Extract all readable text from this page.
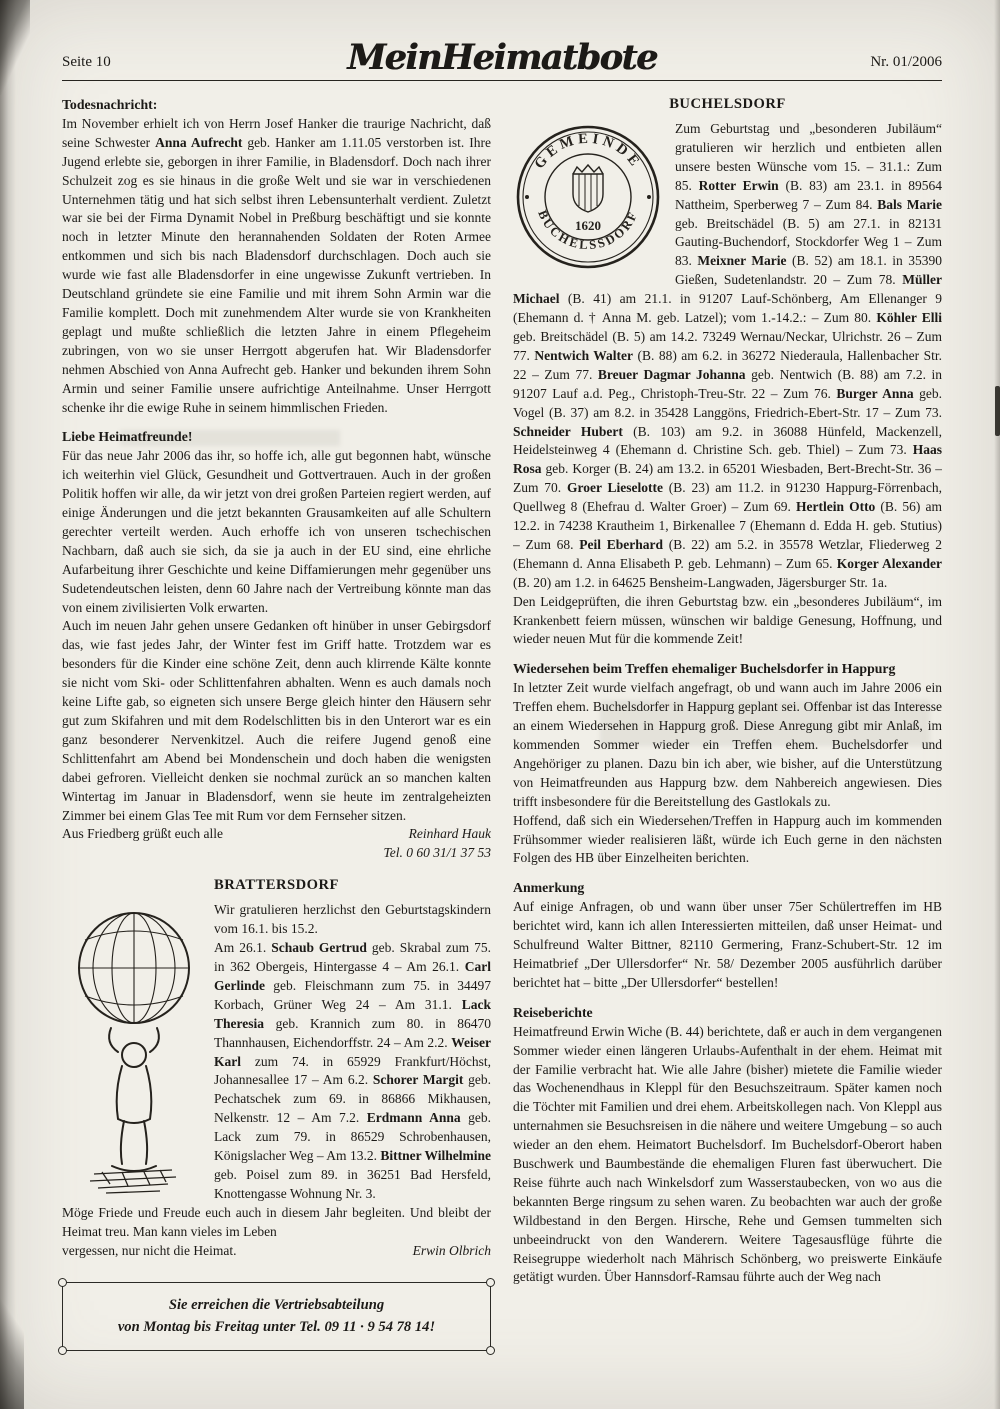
Seite 10	MeinHeimatbote	Nr. 01/2006
Todesnachricht:

Im November erhielt ich von Herrn Josef Hanker die traurige Nachricht, daß seine Schwester Anna Aufrecht geb. Hanker am 1.11.05 verstorben ist. Ihre Jugend erlebte sie, geborgen in ihrer Familie, in Bladensdorf. Doch nach ihrer Schulzeit zog es sie hinaus in die große Welt und sie war in verschiedenen Unternehmen tätig und hat sich selbst ihren Lebensunterhalt verdient. Zuletzt war sie bei der Firma Dynamit Nobel in Preßburg beschäftigt und sie konnte noch in letzter Minute den herannahenden Soldaten der Roten Armee entkommen und sich bis nach Bladensdorf durchschlagen. Doch auch sie wurde wie fast alle Bladensdorfer in eine ungewisse Zukunft vertrieben. In Deutschland gründete sie eine Familie und mit ihrem Sohn Armin war die Familie komplett. Doch mit zunehmendem Alter wurde sie von Krankheiten geplagt und mußte schließlich die letzten Jahre in einem Pflegeheim zubringen, von wo sie unser Herrgott abgerufen hat. Wir Bladensdorfer nehmen Abschied von Anna Aufrecht geb. Hanker und bekunden ihrem Sohn Armin und seiner Familie unsere aufrichtige Anteilnahme. Unser Herrgott schenke ihr die ewige Ruhe in seinem himmlischen Frieden.

Liebe Heimatfreunde!

Für das neue Jahr 2006 das ihr, so hoffe ich, alle gut begonnen habt, wünsche ich weiterhin viel Glück, Gesundheit und Gottvertrauen. Auch in der großen Politik hoffen wir alle, da wir jetzt von drei großen Parteien regiert werden, auf einige Änderungen und die jetzt bekannten Grausamkeiten auf alle Schultern gerechter verteilt werden. Auch erhoffe ich von unseren tschechischen Nachbarn, daß auch sie sich, da sie ja auch in der EU sind, eine ehrliche Aufarbeitung ihrer Geschichte und keine Diffamierungen mehr gegenüber uns Sudetendeutschen leisten, denn 60 Jahre nach der Vertreibung könnte man das von einem zivilisierten Volk erwarten.

Auch im neuen Jahr gehen unsere Gedanken oft hinüber in unser Gebirgsdorf das, wie fast jedes Jahr, der Winter fest im Griff hatte. Trotzdem war es besonders für die Kinder eine schöne Zeit, denn auch klirrende Kälte konnte sie nicht vom Ski- oder Schlittenfahren abhalten. Wenn es auch damals noch keine Lifte gab, so eigneten sich unsere Berge gleich hinter den Häusern sehr gut zum Skifahren und mit dem Rodelschlitten bis in den Unterort war es ein ganz besonderer Nervenkitzel. Auch die reifere Jugend genoß eine Schlittenfahrt am Abend bei Mondenschein und doch haben die wenigsten dabei gefroren. Vielleicht denken sie nochmal zurück an so manchen kalten Wintertag im Januar in Bladensdorf, wenn sie heute im zentralgeheizten Zimmer bei einem Glas Tee mit Rum vor dem Fernseher sitzen.

Aus Friedberg grüßt euch alle	Reinhard Hauk
Tel. 0 60 31/1 37 53
BRATTERSDORF

Wir gratulieren herzlichst den Geburtstagskindern vom 16.1. bis 15.2.

Am 26.1. Schaub Gertrud geb. Skrabal zum 75. in 362 Obergeis, Hintergasse 4 – Am 26.1. Carl Gerlinde geb. Fleischmann zum 75. in 34497 Korbach, Grüner Weg 24 – Am 31.1. Lack Theresia geb. Krannich zum 80. in 86470 Thannhausen, Eichendorffstr. 24 – Am 2.2. Weiser Karl zum 74. in 65929 Frankfurt/Höchst, Johannesallee 17 – Am 6.2. Schorer Margit geb. Pechatschek zum 69. in 86866 Mikhausen, Nelkenstr. 12 – Am 7.2. Erdmann Anna geb. Lack zum 79. in 86529 Schrobenhausen, Königslacher Weg – Am 13.2. Bittner Wilhelmine geb. Poisel zum 89. in 36251 Bad Hersfeld, Knottengasse Wohnung Nr. 3.

Möge Friede und Freude euch auch in diesem Jahr begleiten. Und bleibt der Heimat treu. Man kann vieles im Leben

vergessen, nur nicht die Heimat.	Erwin Olbrich
Sie erreichen die Vertriebsabteilung
von Montag bis Freitag unter Tel. 09 11 · 9 54 78 14!
BUCHELSDORF
GEMEINDE
BUCHELSSDORF
1620

Zum Geburtstag und „besonderen Jubiläum“ gratulieren wir herzlich und entbieten allen unsere besten Wünsche vom 15. – 31.1.: Zum 85. Rotter Erwin (B. 83) am 23.1. in 89564 Nattheim, Sperberweg 7 – Zum 84. Bals Marie geb. Breitschädel (B. 5) am 27.1. in 82131 Gauting-Buchendorf, Stockdorfer Weg 1 – Zum 83. Meixner Marie (B. 52) am 18.1. in 35390 Gießen, Sudetenlandstr. 20 – Zum 78. Müller Michael (B. 41) am 21.1. in 91207 Lauf-Schönberg, Am Ellenanger 9 (Ehemann d. † Anna M. geb. Latzel); vom 1.-14.2.: – Zum 80. Köhler Elli geb. Breitschädel (B. 5) am 14.2. 73249 Wernau/Neckar, Ulrichstr. 26 – Zum 77. Nentwich Walter (B. 88) am 6.2. in 36272 Niederaula, Hallenbacher Str. 22 – Zum 77. Breuer Dagmar Johanna geb. Nentwich (B. 88) am 7.2. in 91207 Lauf a.d. Peg., Christoph-Treu-Str. 22 – Zum 76. Burger Anna geb. Vogel (B. 37) am 8.2. in 35428 Langgöns, Friedrich-Ebert-Str. 17 – Zum 73. Schneider Hubert (B. 103) am 9.2. in 36088 Hünfeld, Mackenzell, Heidelsteinweg 4 (Ehemann d. Christine Sch. geb. Thiel) – Zum 73. Haas Rosa geb. Korger (B. 24) am 13.2. in 65201 Wiesbaden, Bert-Brecht-Str. 36 – Zum 70. Groer Lieselotte (B. 23) am 11.2. in 91230 Happurg-Förrenbach, Quellweg 8 (Ehefrau d. Walter Groer) – Zum 69. Hertlein Otto (B. 56) am 12.2. in 74238 Krautheim 1, Birkenallee 7 (Ehemann d. Edda H. geb. Stutius) – Zum 68. Peil Eberhard (B. 22) am 5.2. in 35578 Wetzlar, Fliederweg 2 (Ehemann d. Anna Elisabeth P. geb. Lehmann) – Zum 65. Korger Alexander (B. 20) am 1.2. in 64625 Bensheim-Langwaden, Jägersburger Str. 1a.

Den Leidgeprüften, die ihren Geburtstag bzw. ein „besonderes Jubiläum“, im Krankenbett feiern müssen, wünschen wir baldige Genesung, Hoffnung, und wieder neuen Mut für die kommende Zeit!

Wiedersehen beim Treffen ehemaliger Buchelsdorfer in Happurg

In letzter Zeit wurde vielfach angefragt, ob und wann auch im Jahre 2006 ein Treffen ehem. Buchelsdorfer in Happurg geplant sei. Offenbar ist das Interesse an einem Wiedersehen in Happurg groß. Diese Anregung gibt mir Anlaß, im kommenden Sommer wieder ein Treffen ehem. Buchelsdorfer und Angehöriger zu planen. Dazu bin ich aber, wie bisher, auf die Unterstützung von Heimatfreunden aus Happurg bzw. dem Nahbereich angewiesen. Dies trifft insbesondere für die Bereitstellung des Gastlokals zu.

Hoffend, daß sich ein Wiedersehen/Treffen in Happurg auch im kommenden Frühsommer wieder realisieren läßt, würde ich Euch gerne in den nächsten Folgen des HB über Einzelheiten berichten.

Anmerkung

Auf einige Anfragen, ob und wann über unser 75er Schülertreffen im HB berichtet wird, kann ich allen Interessierten mitteilen, daß unser Heimat- und Schulfreund Walter Bittner, 82110 Germering, Franz-Schubert-Str. 12 im Heimatbrief „Der Ullersdorfer“ Nr. 58/ Dezember 2005 ausführlich darüber berichtet hat – bitte „Der Ullersdorfer“ bestellen!

Reiseberichte

Heimatfreund Erwin Wiche (B. 44) berichtete, daß er auch in dem vergangenen Sommer wieder einen längeren Urlaubs-Aufenthalt in der ehem. Heimat mit der Familie verbracht hat. Wie alle Jahre (bisher) mietete die Familie wieder das Wochenendhaus in Kleppl für den Besuchszeitraum. Später kamen noch die Töchter mit Familien und drei ehem. Arbeitskollegen nach. Von Kleppl aus unternahmen sie Besuchsreisen in die nähere und weitere Umgebung – so auch wieder an den ehem. Heimatort Buchelsdorf. Im Buchelsdorf-Oberort haben Buschwerk und Baumbestände die ehemaligen Fluren fast überwuchert. Die Reise führte auch nach Winkelsdorf zum Wasserstaubecken, von wo aus die bekannten Berge ringsum zu sehen waren. Zu beobachten war auch der große Wildbestand in den Bergen. Hirsche, Rehe und Gemsen tummelten sich unbeeindruckt von den Wanderern. Weitere Tagesausflüge führte die Reisegruppe wiederholt nach Mährisch Schönberg, wo preiswerte Einkäufe getätigt wurden. Über Hannsdorf-Ramsau führte auch der Weg nach
